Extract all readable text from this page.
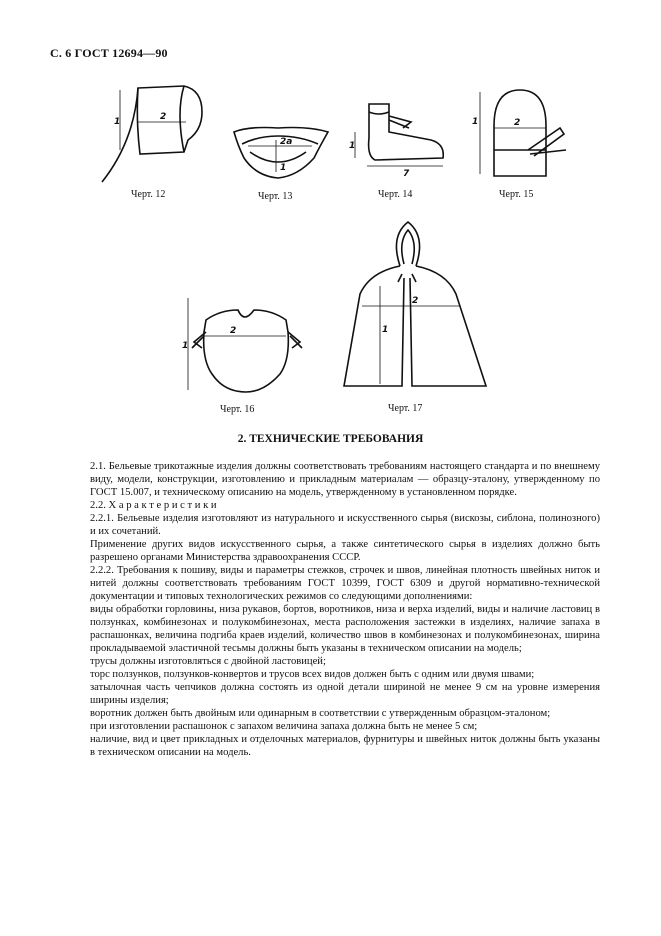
С. 6 ГОСТ 12694—90
1	2
Черт. 12
2a
1
Черт. 13
1
7
Черт. 14
1	2
Черт. 15
1
2
Черт. 16
2
1
Черт. 17
2. ТЕХНИЧЕСКИЕ ТРЕБОВАНИЯ

2.1. Бельевые трикотажные изделия должны соответствовать требованиям настоящего стандарта и по внешнему виду, модели, конструкции, изготовлению и прикладным материалам — образцу-эталону, утвержденному по ГОСТ 15.007, и техническому описанию на модель, утвержденному в установленном порядке.

2.2. Х а р а к т е р и с т и к и

2.2.1. Бельевые изделия изготовляют из натурального и искусственного сырья (вискозы, сиблона, полинозного) и их сочетаний.

Применение других видов искусственного сырья, а также синтетического сырья в изделиях должно быть разрешено органами Министерства здравоохранения СССР.

2.2.2. Требования к пошиву, виды и параметры стежков, строчек и швов, линейная плотность швейных ниток и нитей должны соответствовать требованиям ГОСТ 10399, ГОСТ 6309 и другой нормативно-технической документации и типовых технологических режимов со следующими дополнениями:

виды обработки горловины, низа рукавов, бортов, воротников, низа и верха изделий, виды и наличие ластовиц в ползунках, комбинезонах и полукомбинезонах, места расположения застежки в изделиях, наличие запаха в распашонках, величина подгиба краев изделий, количество швов в комбинезонах и полукомбинезонах, ширина прокладываемой эластичной тесьмы должны быть указаны в техническом описании на модель;

трусы должны изготовляться с двойной ластовицей;

торс ползунков, ползунков-конвертов и трусов всех видов должен быть с одним или двумя швами;

затылочная часть чепчиков должна состоять из одной детали шириной не менее 9 см на уровне измерения ширины изделия;

воротник должен быть двойным или одинарным в соответствии с утвержденным образцом-эталоном;

при изготовлении распашонок с запахом величина запаха должна быть не менее 5 см;

наличие, вид и цвет прикладных и отделочных материалов, фурнитуры и швейных ниток должны быть указаны в техническом описании на модель.
